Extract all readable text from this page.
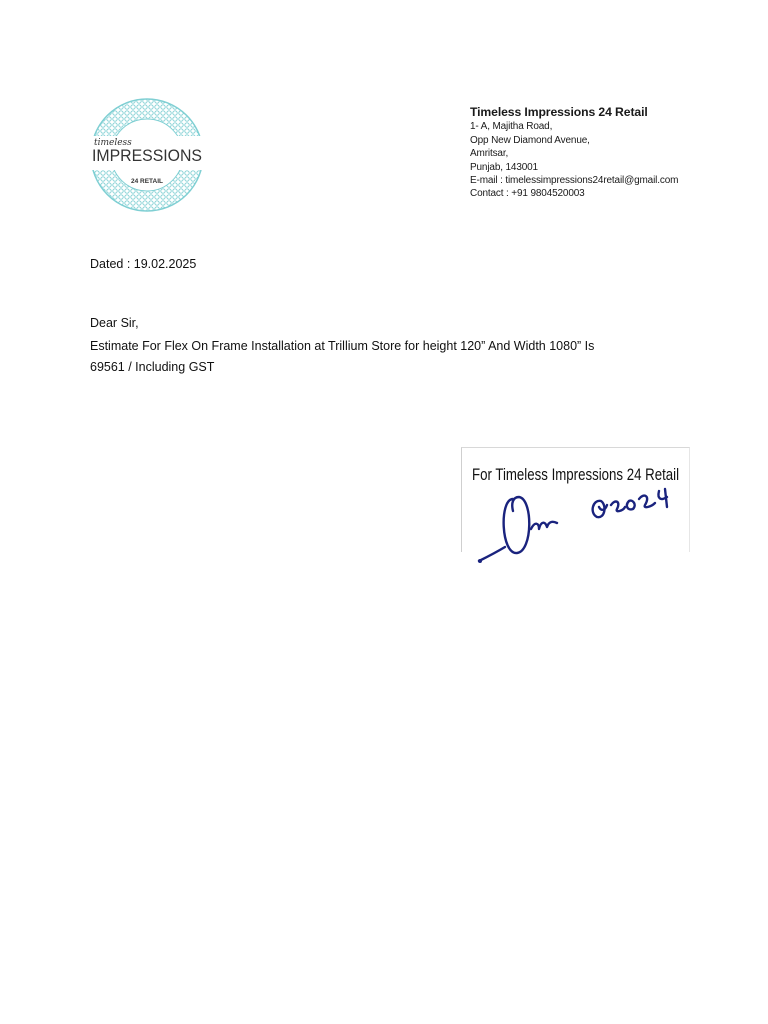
timeless
IMPRESSIONS
24 RETAIL
Timeless Impressions 24 Retail
1- A, Majitha Road,
Opp New Diamond Avenue,
Amritsar,
Punjab, 143001
E-mail : timelessimpressions24retail@gmail.com
Contact : +91 9804520003
Dated : 19.02.2025
Dear Sir,
Estimate For Flex On Frame Installation at Trillium Store for height 120” And Width 1080” Is
69561 / Including GST
For Timeless Impressions 24 Retail
